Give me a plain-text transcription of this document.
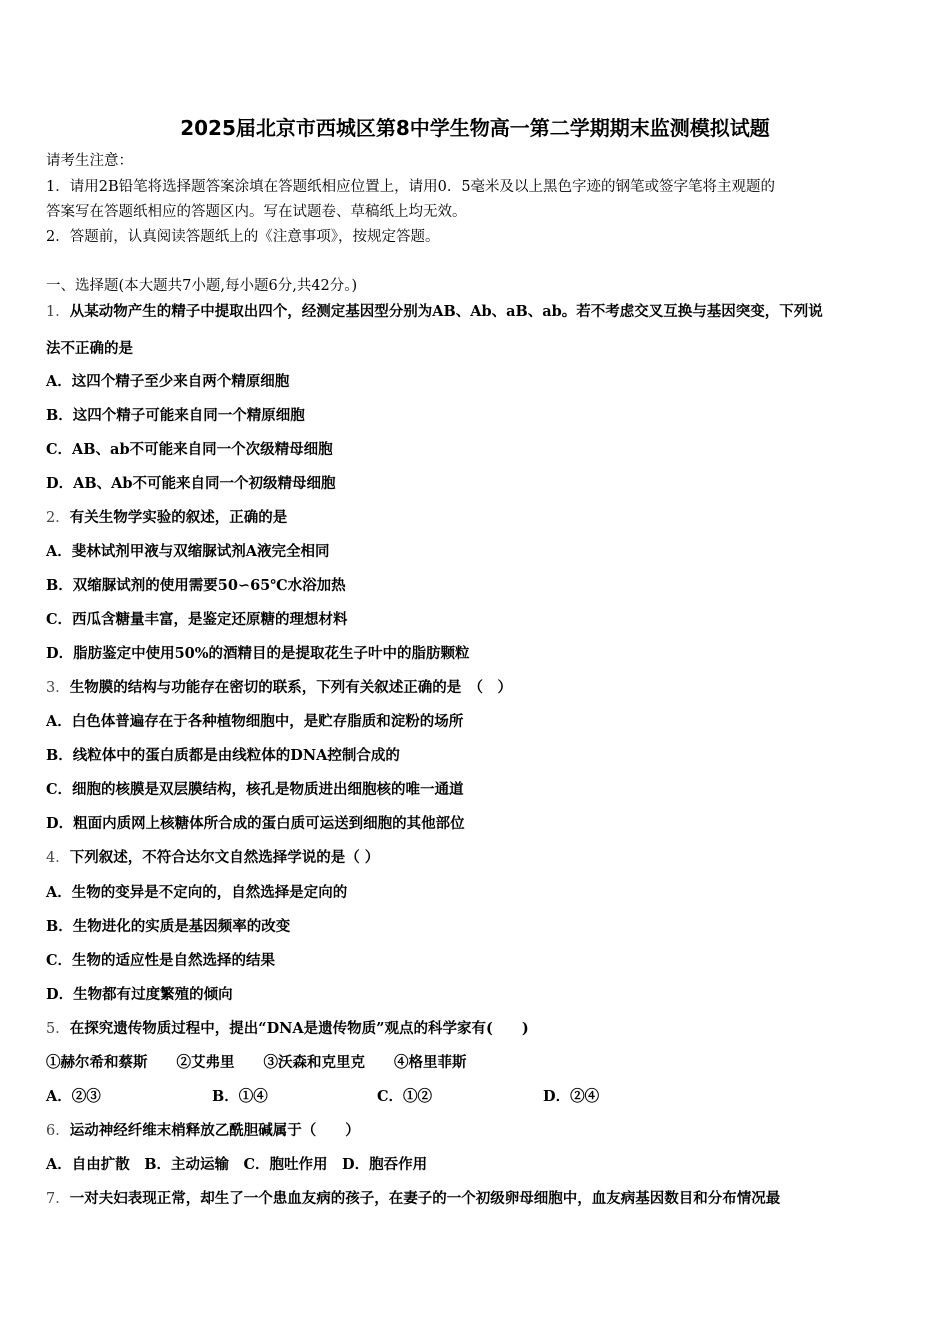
2025届北京市西城区第8中学生物高一第二学期期末监测模拟试题
请考生注意：
1．请用2B铅笔将选择题答案涂填在答题纸相应位置上，请用0．5毫米及以上黑色字迹的钢笔或签字笔将主观题的
答案写在答题纸相应的答题区内。写在试题卷、草稿纸上均无效。
2．答题前，认真阅读答题纸上的《注意事项》，按规定答题。
一、选择题(本大题共7小题,每小题6分,共42分。)
1．从某动物产生的精子中提取出四个，经测定基因型分别为AB、Ab、aB、ab。若不考虑交叉互换与基因突变，下列说
法不正确的是
A．这四个精子至少来自两个精原细胞
B．这四个精子可能来自同一个精原细胞
C．AB、ab不可能来自同一个次级精母细胞
D．AB、Ab不可能来自同一个初级精母细胞
2．有关生物学实验的叙述，正确的是
A．斐林试剂甲液与双缩脲试剂A液完全相同
B．双缩脲试剂的使用需要50∽65℃水浴加热
C．西瓜含糖量丰富，是鉴定还原糖的理想材料
D．脂肪鉴定中使用50%的酒精目的是提取花生子叶中的脂肪颗粒
3．生物膜的结构与功能存在密切的联系，下列有关叙述正确的是　（　）
A．白色体普遍存在于各种植物细胞中，是贮存脂质和淀粉的场所
B．线粒体中的蛋白质都是由线粒体的DNA控制合成的
C．细胞的核膜是双层膜结构，核孔是物质进出细胞核的唯一通道
D．粗面内质网上核糖体所合成的蛋白质可运送到细胞的其他部位
4．下列叙述，不符合达尔文自然选择学说的是（ ）
A．生物的变异是不定向的，自然选择是定向的
B．生物进化的实质是基因频率的改变
C．生物的适应性是自然选择的结果
D．生物都有过度繁殖的倾向
5．在探究遗传物质过程中，提出“DNA是遗传物质”观点的科学家有(　　)
①赫尔希和蔡斯　　②艾弗里　　③沃森和克里克　　④格里菲斯
A．②③	B．①④	C．①②	D．②④
6．运动神经纤维末梢释放乙酰胆碱属于（　　）
A．自由扩散　B．主动运输　C．胞吐作用　D．胞吞作用
7．一对夫妇表现正常，却生了一个患血友病的孩子，在妻子的一个初级卵母细胞中，血友病基因数目和分布情况最
